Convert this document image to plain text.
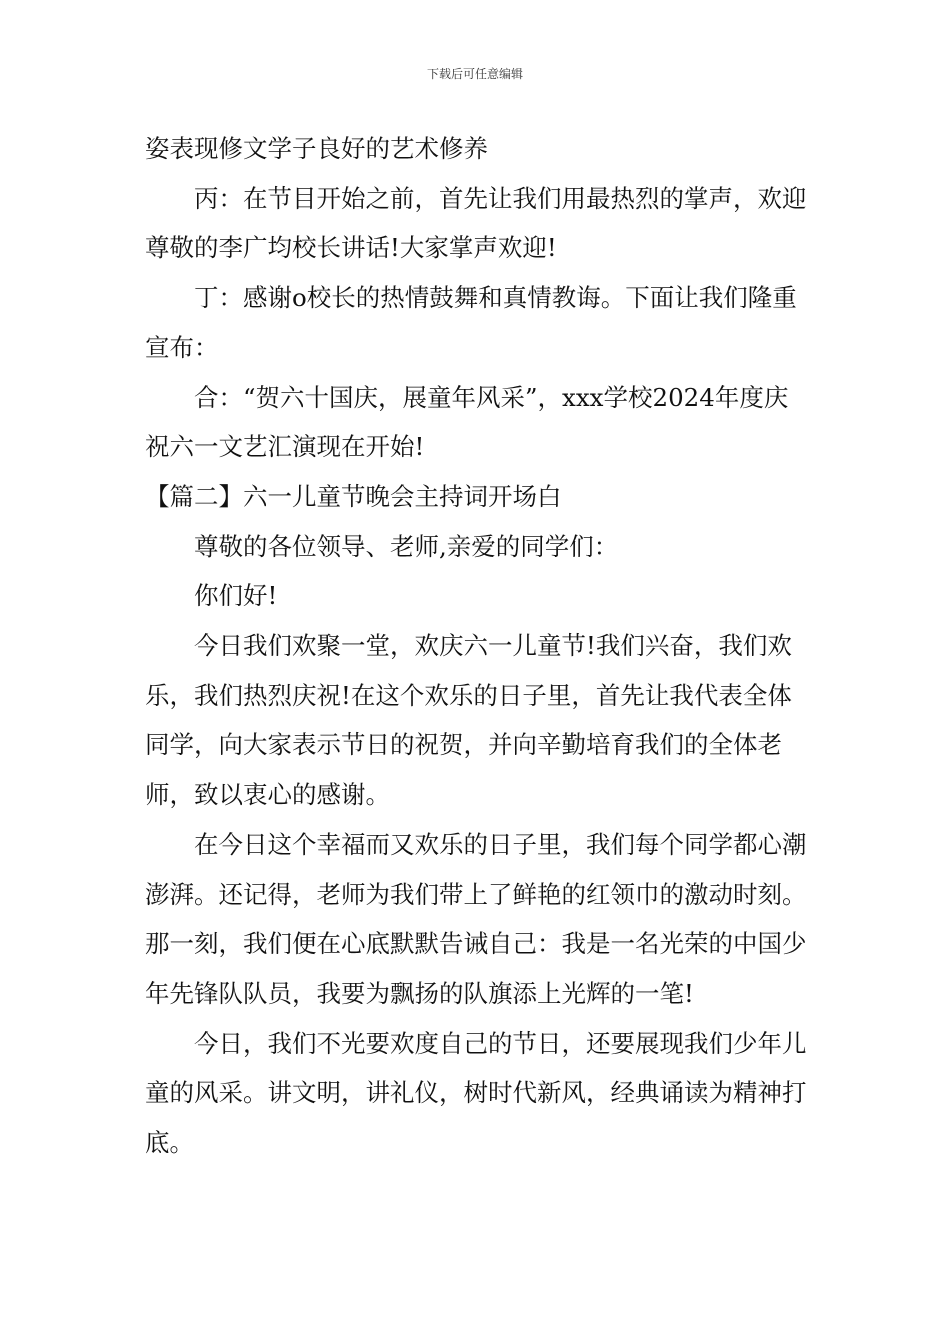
下载后可任意编辑

姿表现修文学子良好的艺术修养

丙：在节目开始之前，首先让我们用最热烈的掌声，欢迎尊敬的李广均校长讲话!大家掌声欢迎!

丁：感谢o校长的热情鼓舞和真情教诲。下面让我们隆重宣布：

合：“贺六十国庆，展童年风采”，xxx学校2024年度庆祝六一文艺汇演现在开始!

【篇二】六一儿童节晚会主持词开场白

尊敬的各位领导、老师,亲爱的同学们：

你们好!

今日我们欢聚一堂，欢庆六一儿童节!我们兴奋，我们欢乐，我们热烈庆祝!在这个欢乐的日子里，首先让我代表全体同学，向大家表示节日的祝贺，并向辛勤培育我们的全体老师，致以衷心的感谢。

在今日这个幸福而又欢乐的日子里，我们每个同学都心潮澎湃。还记得，老师为我们带上了鲜艳的红领巾的激动时刻。那一刻，我们便在心底默默告诫自己：我是一名光荣的中国少年先锋队队员，我要为飘扬的队旗添上光辉的一笔!

今日，我们不光要欢度自己的节日，还要展现我们少年儿童的风采。讲文明，讲礼仪，树时代新风，经典诵读为精神打底。
